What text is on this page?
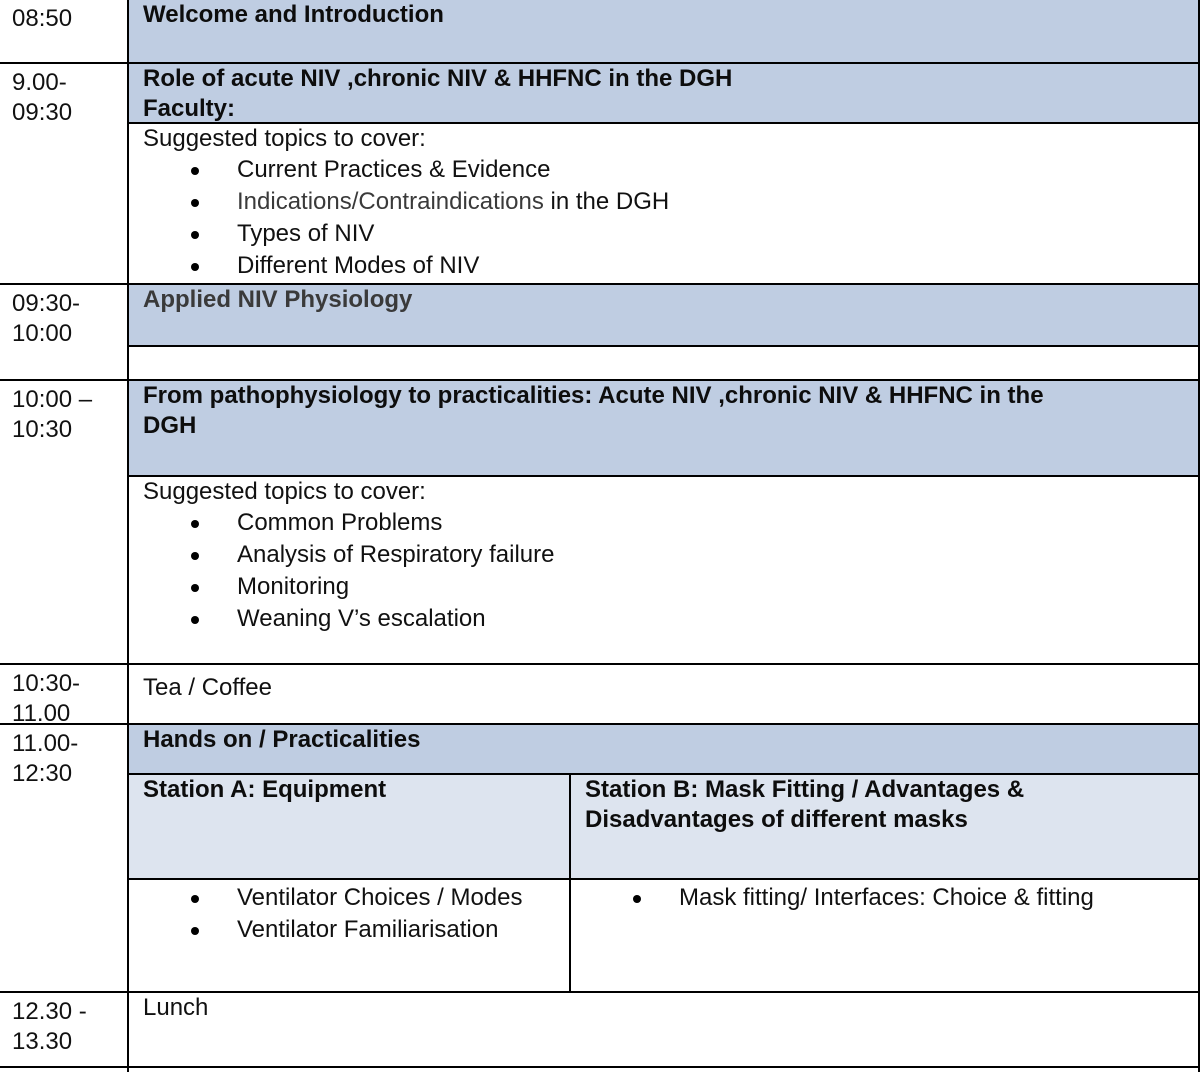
08:50	Welcome and Introduction
9.00-
09:30
Role of acute NIV ,chronic NIV & HHFNC in the DGH
Faculty:
Suggested topics to cover:
Current Practices & Evidence
Indications/Contraindications in the DGH
Types of NIV
Different Modes of NIV
09:30-
10:00
Applied NIV Physiology
10:00 –
10:30
From pathophysiology to practicalities: Acute NIV ,chronic NIV & HHFNC in the
DGH
Suggested topics to cover:
Common Problems
Analysis of Respiratory failure
Monitoring
Weaning V’s escalation
10:30-
11.00
Tea / Coffee
11.00-
12:30
Hands on / Practicalities
Station A: Equipment	Station B: Mask Fitting / Advantages &
Disadvantages of different masks
Ventilator Choices / Modes
Ventilator Familiarisation
Mask fitting/ Interfaces: Choice & fitting
12.30 -
13.30
Lunch
